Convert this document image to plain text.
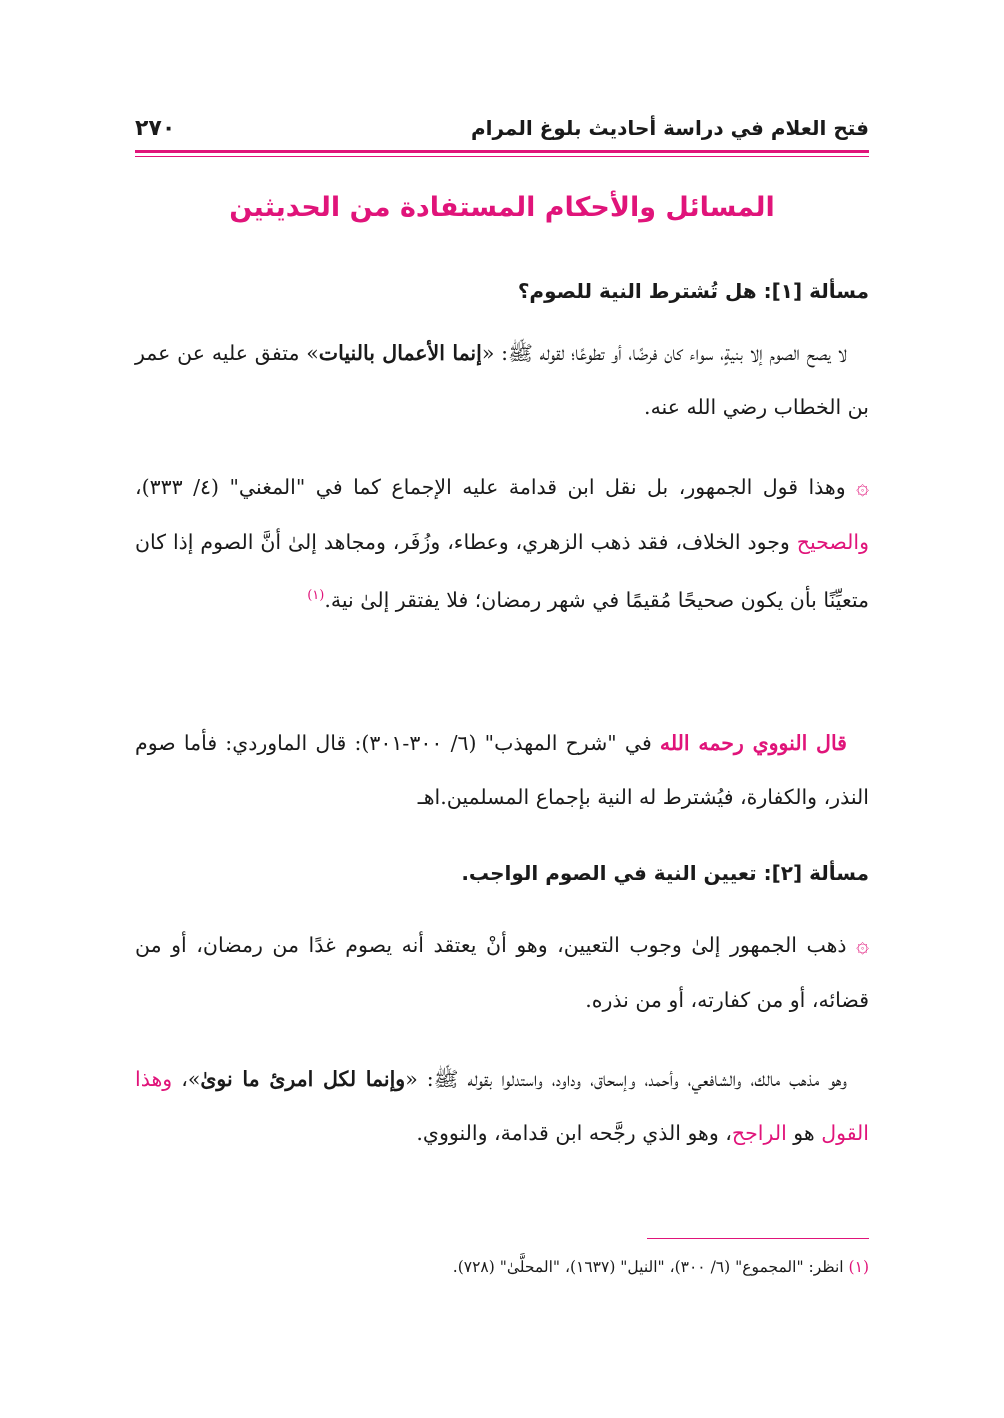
فتح العلام في دراسة أحاديث بلوغ المرام
٢٧٠
المسائل والأحكام المستفادة من الحديثين
مسألة [١]: هل تُشترط النية للصوم؟
لا يصح الصوم إلا بنيةٍ، سواء كان فرضًا، أو تطوعًا؛ لقوله ﷺ: «إنما الأعمال بالنيات» متفق عليه عن عمر بن الخطاب رضي الله عنه.
۞ وهذا قول الجمهور، بل نقل ابن قدامة عليه الإجماع كما في "المغني" (٤/ ٣٣٣)، والصحيح وجود الخلاف، فقد ذهب الزهري، وعطاء، وزُفَر، ومجاهد إلىٰ أنَّ الصوم إذا كان متعيِّنًا بأن يكون صحيحًا مُقيمًا في شهر رمضان؛ فلا يفتقر إلىٰ نية.$^{(١)}$
قال النووي رحمه الله في "شرح المهذب" (٦/ ٣٠٠-٣٠١): قال الماوردي: فأما صوم النذر، والكفارة، فيُشترط له النية بإجماع المسلمين.اهـ
مسألة [٢]: تعيين النية في الصوم الواجب.
۞ ذهب الجمهور إلىٰ وجوب التعيين، وهو أنْ يعتقد أنه يصوم غدًا من رمضان، أو من قضائه، أو من كفارته، أو من نذره.
وهو مذهب مالك، والشافعي، وأحمد، وإسحاق، وداود، واستدلوا بقوله ﷺ: «وإنما لكل امرئ ما نوىٰ»، وهذا القول هو الراجح، وهو الذي رجَّحه ابن قدامة، والنووي.
(١) انظر: "المجموع" (٦/ ٣٠٠)، "النيل" (١٦٣٧)، "المحلَّىٰ" (٧٢٨).
